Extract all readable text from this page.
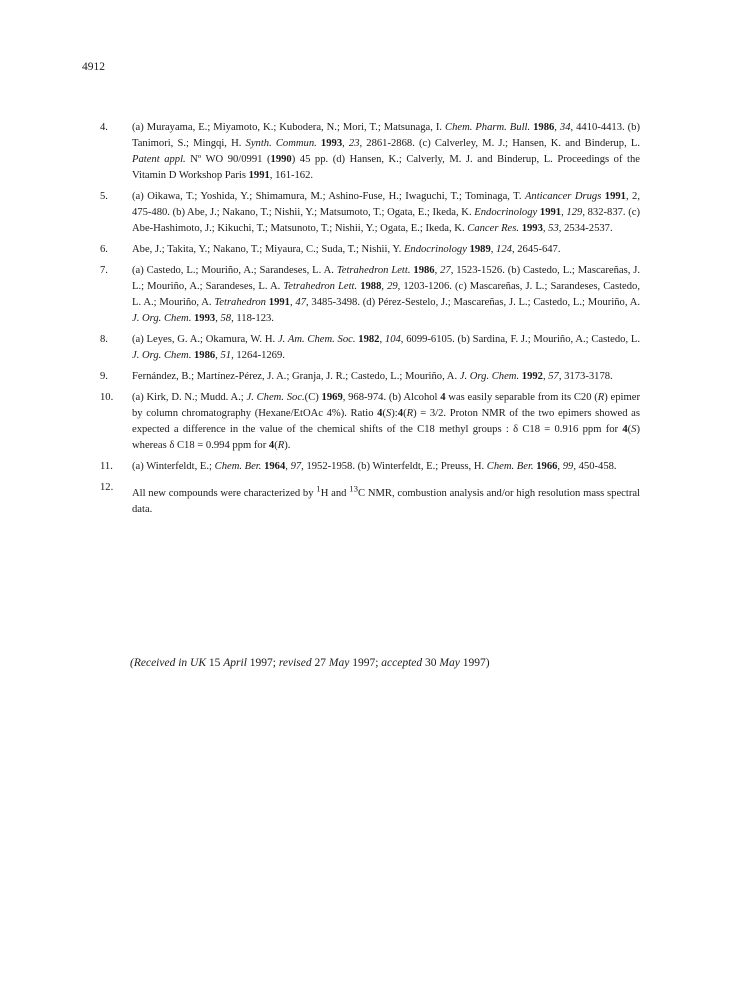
4912
4. (a) Murayama, E.; Miyamoto, K.; Kubodera, N.; Mori, T.; Matsunaga, I. Chem. Pharm. Bull. 1986, 34, 4410-4413. (b) Tanimori, S.; Mingqi, H. Synth. Commun. 1993, 23, 2861-2868. (c) Calverley, M. J.; Hansen, K. and Binderup, L. Patent appl. Nº WO 90/0991 (1990) 45 pp. (d) Hansen, K.; Calverly, M. J. and Binderup, L. Proceedings of the Vitamin D Workshop Paris 1991, 161-162.
5. (a) Oikawa, T.; Yoshida, Y.; Shimamura, M.; Ashino-Fuse, H.; Iwaguchi, T.; Tominaga, T. Anticancer Drugs 1991, 2, 475-480. (b) Abe, J.; Nakano, T.; Nishii, Y.; Matsumoto, T.; Ogata, E.; Ikeda, K. Endocrinology 1991, 129, 832-837. (c) Abe-Hashimoto, J.; Kikuchi, T.; Matsunoto, T.; Nishii, Y.; Ogata, E.; Ikeda, K. Cancer Res. 1993, 53, 2534-2537.
6. Abe, J.; Takita, Y.; Nakano, T.; Miyaura, C.; Suda, T.; Nishii, Y. Endocrinology 1989, 124, 2645-647.
7. (a) Castedo, L.; Mouriño, A.; Sarandeses, L. A. Tetrahedron Lett. 1986, 27, 1523-1526. (b) Castedo, L.; Mascareñas, J. L.; Mouriño, A.; Sarandeses, L. A. Tetrahedron Lett. 1988, 29, 1203-1206. (c) Mascareñas, J. L.; Sarandeses, Castedo, L. A.; Mouriño, A. Tetrahedron 1991, 47, 3485-3498. (d) Pérez-Sestelo, J.; Mascareñas, J. L.; Castedo, L.; Mouriño, A. J. Org. Chem. 1993, 58, 118-123.
8. (a) Leyes, G. A.; Okamura, W. H. J. Am. Chem. Soc. 1982, 104, 6099-6105. (b) Sardina, F. J.; Mouriño, A.; Castedo, L. J. Org. Chem. 1986, 51, 1264-1269.
9. Fernández, B.; Martínez-Pérez, J. A.; Granja, J. R.; Castedo, L.; Mouriño, A. J. Org. Chem. 1992, 57, 3173-3178.
10. (a) Kirk, D. N.; Mudd. A.; J. Chem. Soc.(C) 1969, 968-974. (b) Alcohol 4 was easily separable from its C20 (R) epimer by column chromatography (Hexane/EtOAc 4%). Ratio 4(S):4(R) = 3/2. Proton NMR of the two epimers showed as expected a difference in the value of the chemical shifts of the C18 methyl groups : δ C18 = 0.916 ppm for 4(S) whereas δ C18 = 0.994 ppm for 4(R).
11. (a) Winterfeldt, E.; Chem. Ber. 1964, 97, 1952-1958. (b) Winterfeldt, E.; Preuss, H. Chem. Ber. 1966, 99, 450-458.
12.
All new compounds were characterized by $^1$H and $^{13}$C NMR, combustion analysis and/or high resolution mass spectral data.
(Received in UK 15 April 1997; revised 27 May 1997; accepted 30 May 1997)
